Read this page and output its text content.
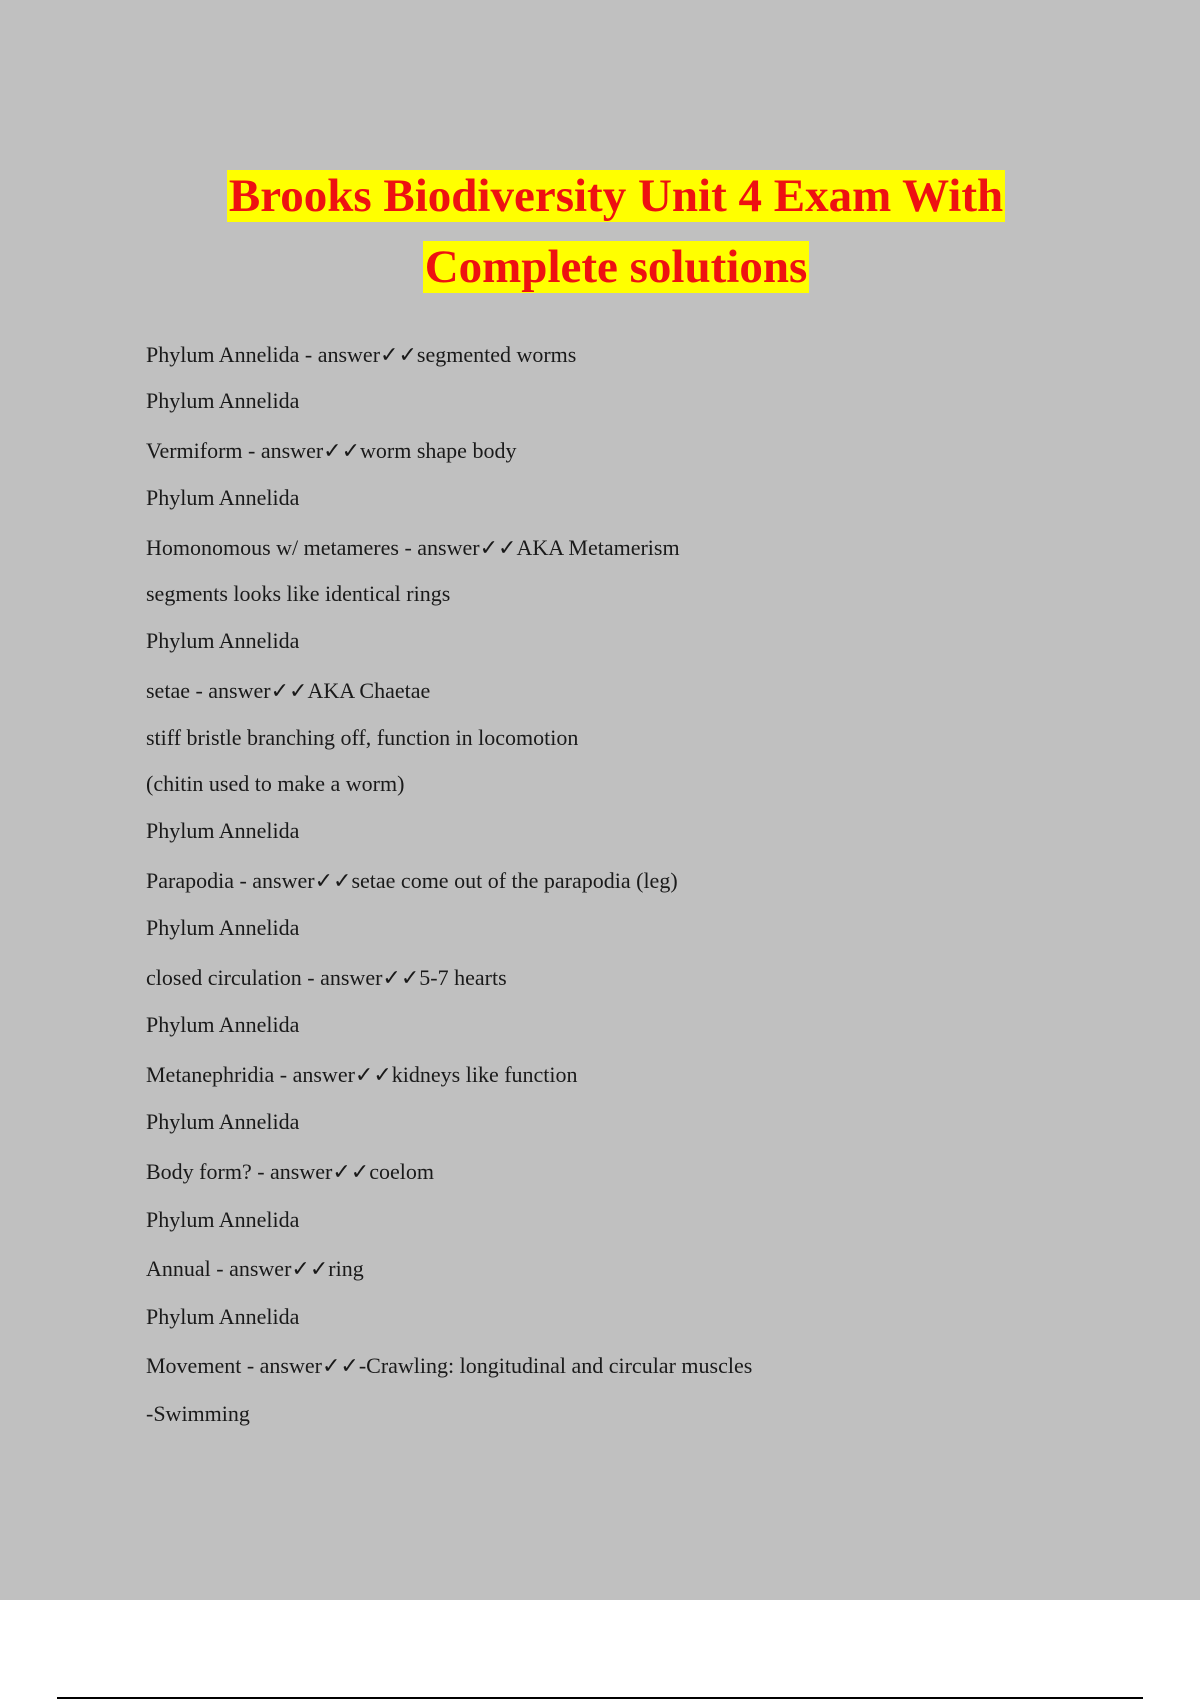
Brooks Biodiversity Unit 4 Exam With
Complete solutions
Phylum Annelida - answer✓✓segmented worms
Phylum Annelida
Vermiform - answer✓✓worm shape body
Phylum Annelida
Homonomous w/ metameres - answer✓✓AKA Metamerism
segments looks like identical rings
Phylum Annelida
setae - answer✓✓AKA Chaetae
stiff bristle branching off, function in locomotion
(chitin used to make a worm)
Phylum Annelida
Parapodia - answer✓✓setae come out of the parapodia (leg)
Phylum Annelida
closed circulation - answer✓✓5-7 hearts
Phylum Annelida
Metanephridia - answer✓✓kidneys like function
Phylum Annelida
Body form? - answer✓✓coelom
Phylum Annelida
Annual - answer✓✓ring
Phylum Annelida
Movement - answer✓✓-Crawling: longitudinal and circular muscles
-Swimming
